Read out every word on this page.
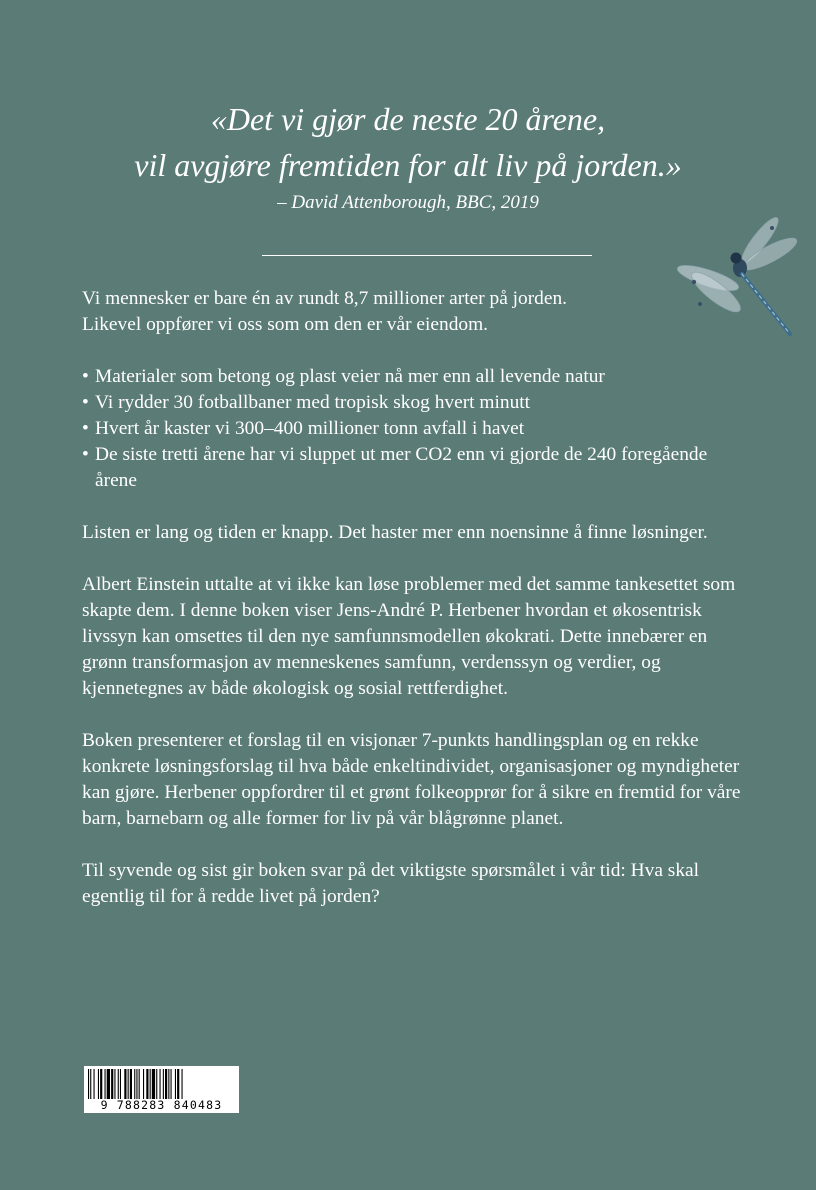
«Det vi gjør de neste 20 årene,
vil avgjøre fremtiden for alt liv på jorden.»
– David Attenborough, BBC, 2019

Vi mennesker er bare én av rundt 8,7 millioner arter på jorden.
Likevel oppfører vi oss som om den er vår eiendom.

• Materialer som betong og plast veier nå mer enn all levende natur
• Vi rydder 30 fotballbaner med tropisk skog hvert minutt
• Hvert år kaster vi 300–400 millioner tonn avfall i havet
• De siste tretti årene har vi sluppet ut mer CO2 enn vi gjorde de 240 foregående årene

Listen er lang og tiden er knapp. Det haster mer enn noensinne å finne løsninger.

Albert Einstein uttalte at vi ikke kan løse problemer med det samme tankesettet som skapte dem. I denne boken viser Jens-André P. Herbener hvordan et økosentrisk livssyn kan omsettes til den nye samfunnsmodellen økokrati. Dette innebærer en grønn transformasjon av menneskenes samfunn, verdenssyn og verdier, og kjennetegnes av både økologisk og sosial rettferdighet.

Boken presenterer et forslag til en visjonær 7-punkts handlingsplan og en rekke konkrete løsningsforslag til hva både enkeltindividet, organisasjoner og myndigheter kan gjøre. Herbener oppfordrer til et grønt folkeopprør for å sikre en fremtid for våre barn, barnebarn og alle former for liv på vår blågrønne planet.

Til syvende og sist gir boken svar på det viktigste spørsmålet i vår tid: Hva skal egentlig til for å redde livet på jorden?

9 788283 840483
